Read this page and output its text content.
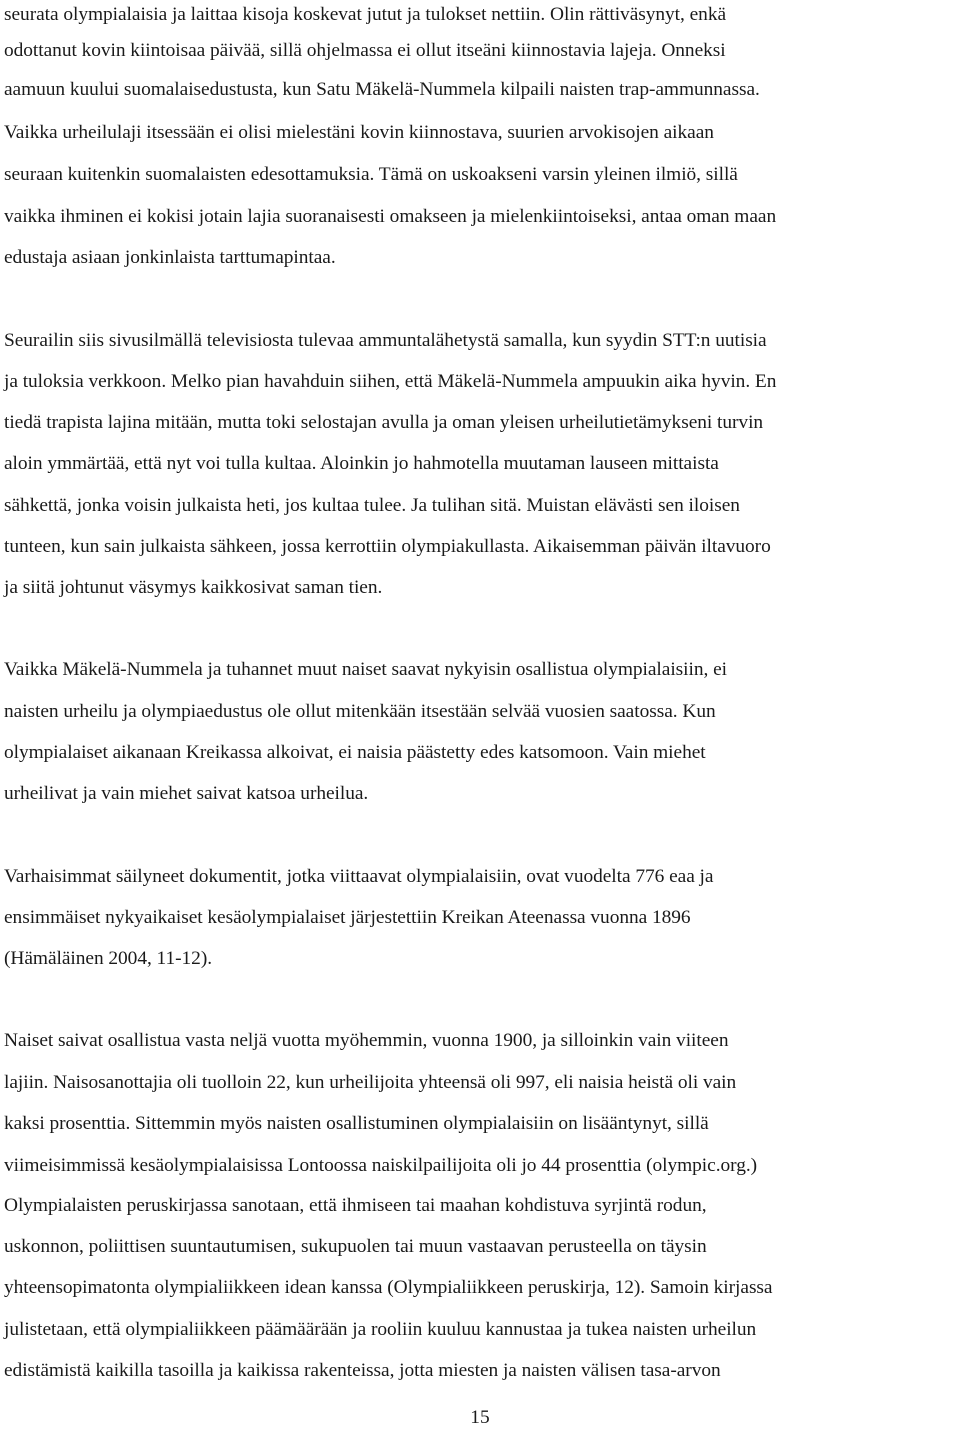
seurata olympialaisia ja laittaa kisoja koskevat jutut ja tulokset nettiin. Olin rättiväsynyt, enkä
odottanut kovin kiintoisaa päivää, sillä ohjelmassa ei ollut itseäni kiinnostavia lajeja. Onneksi
aamuun kuului suomalaisedustusta, kun Satu Mäkelä-Nummela kilpaili naisten trap-ammunnassa.
Vaikka urheilulaji itsessään ei olisi mielestäni kovin kiinnostava, suurien arvokisojen aikaan
seuraan kuitenkin suomalaisten edesottamuksia. Tämä on uskoakseni varsin yleinen ilmiö, sillä
vaikka ihminen ei kokisi jotain lajia suoranaisesti omakseen ja mielenkiintoiseksi, antaa oman maan
edustaja asiaan jonkinlaista tarttumapintaa.
Seurailin siis sivusilmällä televisiosta tulevaa ammuntalähetystä samalla, kun syydin STT:n uutisia
ja tuloksia verkkoon. Melko pian havahduin siihen, että Mäkelä-Nummela ampuukin aika hyvin. En
tiedä trapista lajina mitään, mutta toki selostajan avulla ja oman yleisen urheilutietämykseni turvin
aloin ymmärtää, että nyt voi tulla kultaa. Aloinkin jo hahmotella muutaman lauseen mittaista
sähkettä, jonka voisin julkaista heti, jos kultaa tulee. Ja tulihan sitä. Muistan elävästi sen iloisen
tunteen, kun sain julkaista sähkeen, jossa kerrottiin olympiakullasta. Aikaisemman päivän iltavuoro
ja siitä johtunut väsymys kaikkosivat saman tien.
Vaikka Mäkelä-Nummela ja tuhannet muut naiset saavat nykyisin osallistua olympialaisiin, ei
naisten urheilu ja olympiaedustus ole ollut mitenkään itsestään selvää vuosien saatossa. Kun
olympialaiset aikanaan Kreikassa alkoivat, ei naisia päästetty edes katsomoon. Vain miehet
urheilivat ja vain miehet saivat katsoa urheilua.
Varhaisimmat säilyneet dokumentit, jotka viittaavat olympialaisiin, ovat vuodelta 776 eaa ja
ensimmäiset nykyaikaiset kesäolympialaiset järjestettiin Kreikan Ateenassa vuonna 1896
(Hämäläinen 2004, 11-12).
Naiset saivat osallistua vasta neljä vuotta myöhemmin, vuonna 1900, ja silloinkin vain viiteen
lajiin. Naisosanottajia oli tuolloin 22, kun urheilijoita yhteensä oli 997, eli naisia heistä oli vain
kaksi prosenttia. Sittemmin myös naisten osallistuminen olympialaisiin on lisääntynyt, sillä
viimeisimmissä kesäolympialaisissa Lontoossa naiskilpailijoita oli jo 44 prosenttia (olympic.org.)
Olympialaisten peruskirjassa sanotaan, että ihmiseen tai maahan kohdistuva syrjintä rodun,
uskonnon, poliittisen suuntautumisen, sukupuolen tai muun vastaavan perusteella on täysin
yhteensopimatonta olympialiikkeen idean kanssa (Olympialiikkeen peruskirja, 12). Samoin kirjassa
julistetaan, että olympialiikkeen päämäärään ja rooliin kuuluu kannustaa ja tukea naisten urheilun
edistämistä kaikilla tasoilla ja kaikissa rakenteissa, jotta miesten ja naisten välisen tasa-arvon
15
